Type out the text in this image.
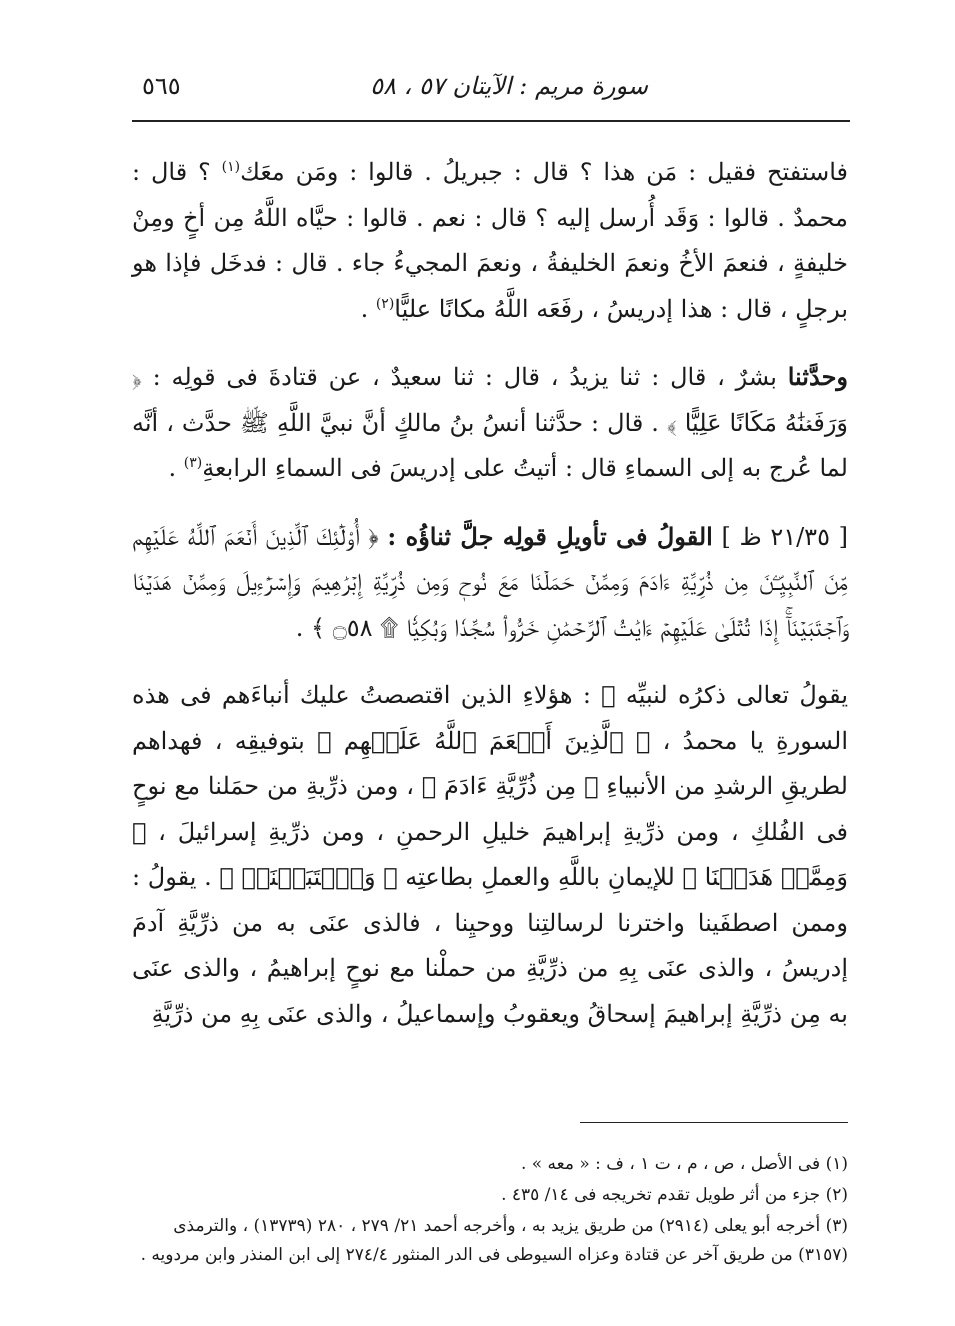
سورة مريم : الآيتان ٥٧ ، ٥٨
٥٦٥

فاستفتح فقيل : مَن هذا ؟ قال : جبريلُ . قالوا : ومَن معَك$^{(١)}$ ؟ قال : محمدٌ . قالوا : وَقَد أُرسل إليه ؟ قال : نعم . قالوا : حيَّاه اللَّهُ مِن أخٍ ومِنْ خليفةٍ ، فنعمَ الأخُ ونعمَ الخليفةُ ، ونعمَ المجيءُ جاء . قال : فدخَل فإذا هو برجلٍ ، قال : هذا إدريسُ ، رفَعَه اللَّهُ مكانًا عليًّا$^{(٢)}$ .

وحدَّثنا بشرٌ ، قال : ثنا يزيدُ ، قال : ثنا سعيدٌ ، عن قتادةَ فى قولِه : ﴿ وَرَفَعۡنَٰهُ مَكَانًا عَلِيًّا ﴾ . قال : حدَّثنا أنسُ بنُ مالكٍ أنَّ نبيَّ اللَّهِ ﷺ حدَّث ، أنَّه لما عُرج به إلى السماءِ قال : أتيتُ على إدريسَ فى السماءِ الرابعةِ$^{(٣)}$ .

[ ٢١/٣٥ ظ ] القولُ فى تأويلِ قولِه جلَّ ثناؤُه : ﴿ أُوْلَٰٓئِكَ ٱلَّذِينَ أَنۡعَمَ ٱللَّهُ عَلَيۡهِم مِّنَ ٱلنَّبِيِّـۧنَ مِن ذُرِّيَّةِ ءَادَمَ وَمِمَّنۡ حَمَلۡنَا مَعَ نُوحٖ وَمِن ذُرِّيَّةِ إِبۡرَٰهِيمَ وَإِسۡرَٰٓءِيلَ وَمِمَّنۡ هَدَيۡنَا وَٱجۡتَبَيۡنَآۚ إِذَا تُتۡلَىٰ عَلَيۡهِمۡ ءَايَٰتُ ٱلرَّحۡمَٰنِ خَرُّواْۤ سُجَّدٗا وَبُكِيّٗا ۩ ۝٥٨ ﴾ .

يقولُ تعالى ذكرُه لنبيِّه ﷺ : هؤلاءِ الذين اقتصصتُ عليك أنباءَهم فى هذه السورةِ يا محمدُ ، ﴿ ٱلَّذِينَ أَنۡعَمَ ٱللَّهُ عَلَيۡهِم ﴾ بتوفيقِه ، فهداهم لطريقِ الرشدِ من الأنبياءِ ﴿ مِن ذُرِّيَّةِ ءَادَمَ ﴾ ، ومن ذرِّيةِ من حمَلنا مع نوحٍ فى الفُلكِ ، ومن ذرِّيةِ إبراهيمَ خليلِ الرحمنِ ، ومن ذرِّيةِ إسرائيلَ ، ﴿ وَمِمَّنۡ هَدَيۡنَا ﴾ للإيمانِ باللَّهِ والعملِ بطاعتِه ﴿ وَٱجۡتَبَيۡنَآۚ ﴾ . يقولُ : وممن اصطفَينا واخترنا لرسالتِنا ووحيِنا ، فالذى عنَى به من ذرِّيَّةِ آدمَ إدريسُ ، والذى عنَى بِهِ من ذرِّيَّةِ من حملْنا مع نوحٍ إبراهيمُ ، والذى عنَى به مِن ذرِّيَّةِ إبراهيمَ إسحاقُ ويعقوبُ وإسماعيلُ ، والذى عنَى بِهِ من ذرِّيَّةِ

(١) فى الأصل ، ص ، م ، ت ١ ، ف : « معه » .

(٢) جزء من أثر طويل تقدم تخريجه فى ١٤/ ٤٣٥ .

(٣) أخرجه أبو يعلى (٢٩١٤) من طريق يزيد به ، وأخرجه أحمد ٢١/ ٢٧٩ ، ٢٨٠ (١٣٧٣٩) ، والترمذى (٣١٥٧) من طريق آخر عن قتادة وعزاه السيوطى فى الدر المنثور ٢٧٤/٤ إلى ابن المنذر وابن مردويه .
